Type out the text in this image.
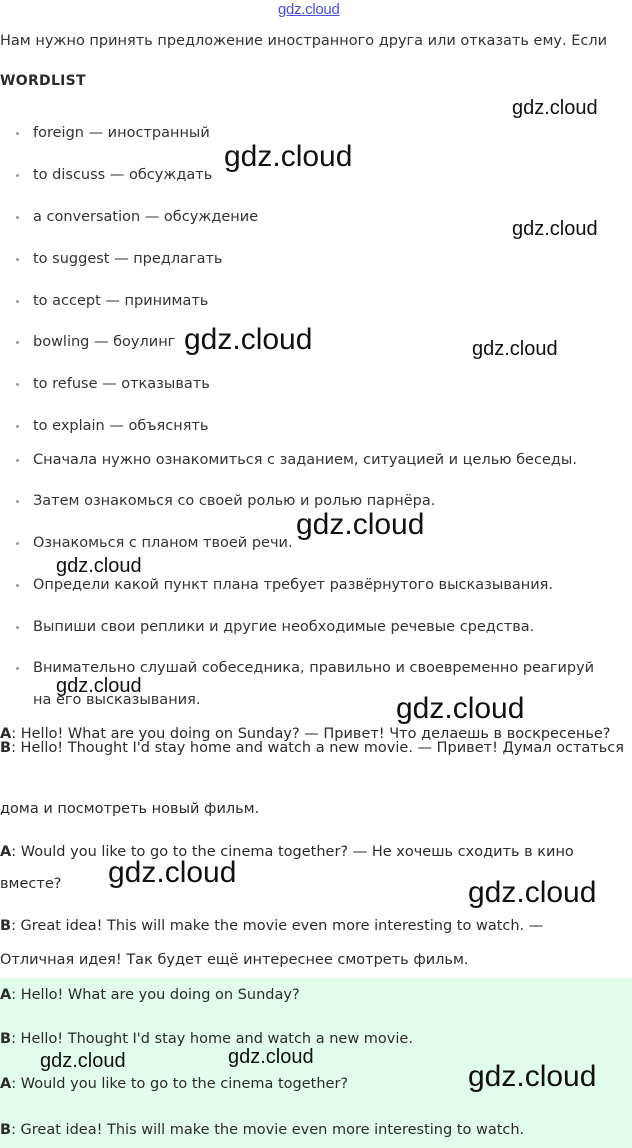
gdz.cloud
Нам нужно принять предложение иностранного друга или отказать ему. Если
WORDLIST
foreign — иностранный
to discuss — обсуждать
a conversation — обсуждение
to suggest — предлагать
to accept — принимать
bowling — боулинг
to refuse — отказывать
to explain — объяснять
Сначала нужно ознакомиться с заданием, ситуацией и целью беседы.
Затем ознакомься со своей ролью и ролью парнёра.
Ознакомься с планом твоей речи.
Определи какой пункт плана требует развёрнутого высказывания.
Выпиши свои реплики и другие необходимые речевые средства.
Внимательно слушай собеседника, правильно и своевременно реагируй
на его высказывания.
A: Hello! What are you doing on Sunday? — Привет! Что делаешь в воскресенье?
B: Hello! Thought I'd stay home and watch a new movie. — Привет! Думал остаться
дома и посмотреть новый фильм.
A: Would you like to go to the cinema together? — Не хочешь сходить в кино
вместе?
B: Great idea! This will make the movie even more interesting to watch. —
Отличная идея! Так будет ещё интереснее смотреть фильм.
A: Hello! What are you doing on Sunday?
B: Hello! Thought I'd stay home and watch a new movie.
A: Would you like to go to the cinema together?
B: Great idea! This will make the movie even more interesting to watch.
gdz.cloud
gdz.cloud
gdz.cloud
gdz.cloud	gdz.cloud
gdz.cloud
gdz.cloud
gdz.cloud
gdz.cloud
gdz.cloud
gdz.cloud
gdz.cloud
gdz.cloud	gdz.cloud
